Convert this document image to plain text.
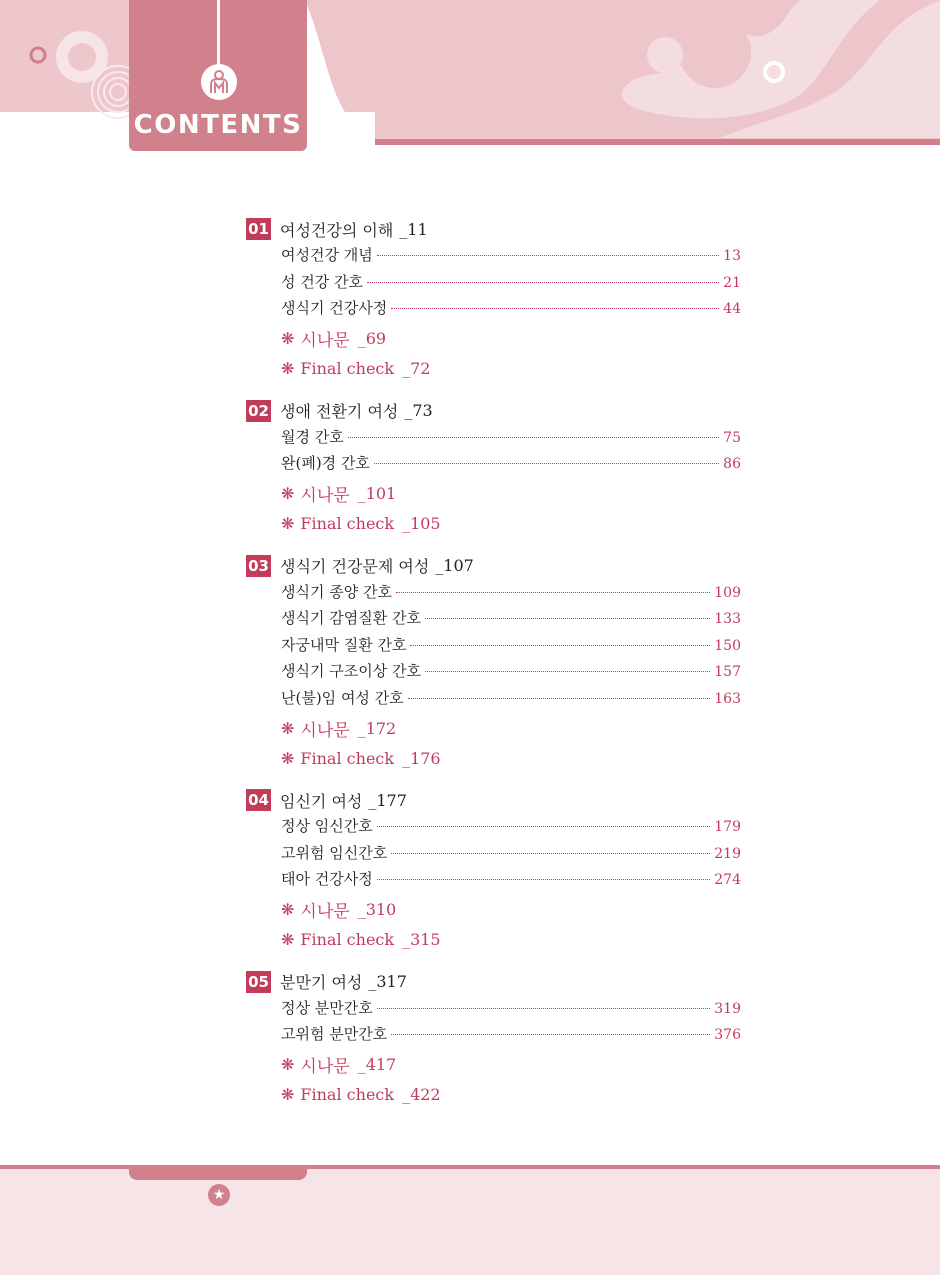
CONTENTS
01 여성건강의 이해 _11
여성건강 개념	13
성 건강 간호	21
생식기 건강사정	44
❋ 시나문 _69
❋ Final check _72
02 생애 전환기 여성 _73
월경 간호	75
완(폐)경 간호	86
❋ 시나문 _101
❋ Final check _105
03 생식기 건강문제 여성 _107
생식기 종양 간호	109
생식기 감염질환 간호	133
자궁내막 질환 간호	150
생식기 구조이상 간호	157
난(불)임 여성 간호	163
❋ 시나문 _172
❋ Final check _176
04 임신기 여성 _177
정상 임신간호	179
고위험 임신간호	219
태아 건강사정	274
❋ 시나문 _310
❋ Final check _315
05 분만기 여성 _317
정상 분만간호	319
고위험 분만간호	376
❋ 시나문 _417
❋ Final check _422
★
